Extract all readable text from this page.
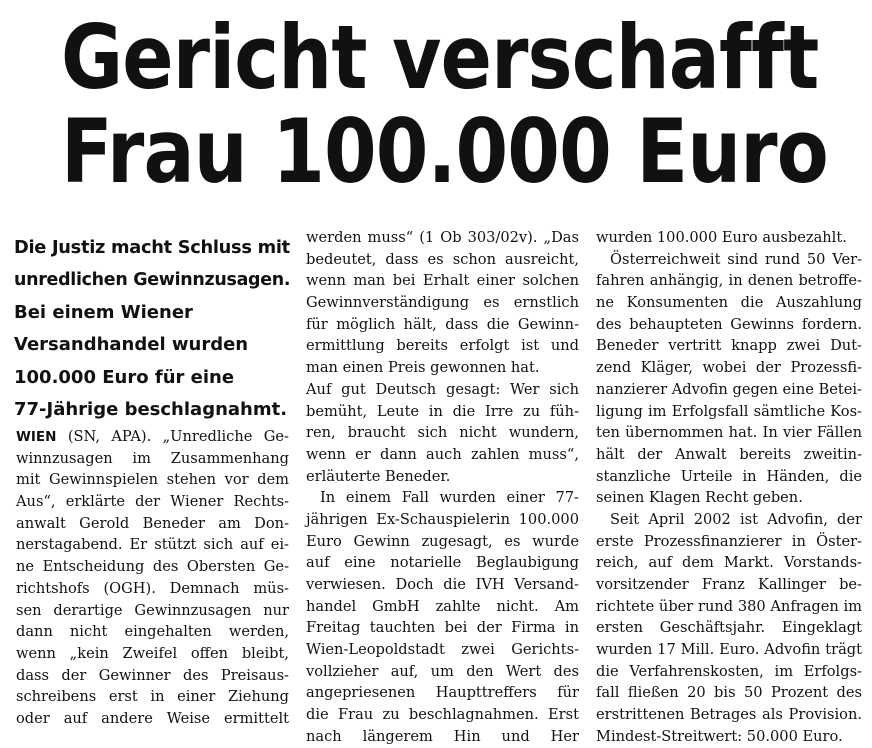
Gericht verschafft
Frau 100.000 Euro
Die Justiz macht Schluss mit
unredlichen Gewinnzusagen.
Bei einem Wiener
Versandhandel wurden
100.000 Euro für eine
77-Jährige beschlagnahmt.
WIEN (SN, APA). „Unredliche Ge-
winnzusagen im Zusammenhang
mit Gewinnspielen stehen vor dem
Aus“, erklärte der Wiener Rechts-
anwalt Gerold Beneder am Don-
nerstagabend. Er stützt sich auf ei-
ne Entscheidung des Obersten Ge-
richtshofs (OGH). Demnach müs-
sen derartige Gewinnzusagen nur
dann nicht eingehalten werden,
wenn „kein Zweifel offen bleibt,
dass der Gewinner des Preisaus-
schreibens erst in einer Ziehung
oder auf andere Weise ermittelt
werden muss“ (1 Ob 303/02v). „Das
bedeutet, dass es schon ausreicht,
wenn man bei Erhalt einer solchen
Gewinnverständigung es ernstlich
für möglich hält, dass die Gewinn-
ermittlung bereits erfolgt ist und
man einen Preis gewonnen hat.
Auf gut Deutsch gesagt: Wer sich
bemüht, Leute in die Irre zu füh-
ren, braucht sich nicht wundern,
wenn er dann auch zahlen muss“,
erläuterte Beneder.
In einem Fall wurden einer 77-
jährigen Ex-Schauspielerin 100.000
Euro Gewinn zugesagt, es wurde
auf eine notarielle Beglaubigung
verwiesen. Doch die IVH Versand-
handel GmbH zahlte nicht. Am
Freitag tauchten bei der Firma in
Wien-Leopoldstadt zwei Gerichts-
vollzieher auf, um den Wert des
angepriesenen Haupttreffers für
die Frau zu beschlagnahmen. Erst
nach längerem Hin und Her
wurden 100.000 Euro ausbezahlt.
Österreichweit sind rund 50 Ver-
fahren anhängig, in denen betroffe-
ne Konsumenten die Auszahlung
des behaupteten Gewinns fordern.
Beneder vertritt knapp zwei Dut-
zend Kläger, wobei der Prozessfi-
nanzierer Advofin gegen eine Betei-
ligung im Erfolgsfall sämtliche Kos-
ten übernommen hat. In vier Fällen
hält der Anwalt bereits zweitin-
stanzliche Urteile in Händen, die
seinen Klagen Recht geben.
Seit April 2002 ist Advofin, der
erste Prozessfinanzierer in Öster-
reich, auf dem Markt. Vorstands-
vorsitzender Franz Kallinger be-
richtete über rund 380 Anfragen im
ersten Geschäftsjahr. Eingeklagt
wurden 17 Mill. Euro. Advofin trägt
die Verfahrenskosten, im Erfolgs-
fall fließen 20 bis 50 Prozent des
erstrittenen Betrages als Provision.
Mindest-Streitwert: 50.000 Euro.
